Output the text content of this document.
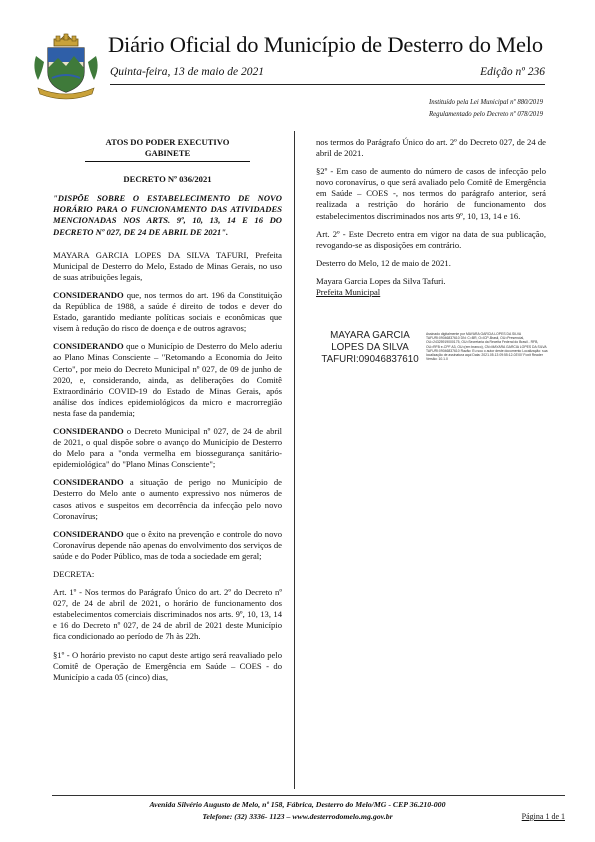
Diário Oficial do Município de Desterro do Melo
Quinta-feira, 13 de maio de 2021	Edição nº 236
Instituído pela Lei Municipal nº 880/2019
Regulamentado pelo Decreto nº 078/2019
ATOS DO PODER EXECUTIVO
GABINETE
DECRETO Nº 036/2021

"DISPÕE SOBRE O ESTABELECIMENTO DE NOVO HORÁRIO PARA O FUNCIONAMENTO DAS ATIVIDADES MENCIONADAS NOS ARTS. 9º, 10, 13, 14 E 16 DO DECRETO Nº 027, DE 24 DE ABRIL DE 2021".

MAYARA GARCIA LOPES DA SILVA TAFURI, Prefeita Municipal de Desterro do Melo, Estado de Minas Gerais, no uso de suas atribuições legais,

CONSIDERANDO que, nos termos do art. 196 da Constituição da República de 1988, a saúde é direito de todos e dever do Estado, garantido mediante políticas sociais e econômicas que visem à redução do risco de doença e de outros agravos;

CONSIDERANDO que o Município de Desterro do Melo aderiu ao Plano Minas Consciente – "Retomando a Economia do Jeito Certo", por meio do Decreto Municipal nº 027, de 09 de junho de 2020, e, considerando, ainda, as deliberações do Comitê Extraordinário COVID-19 do Estado de Minas Gerais, após análise dos índices epidemiológicos da micro e macrorregião nesta fase da pandemia;

CONSIDERANDO o Decreto Municipal nº 027, de 24 de abril de 2021, o qual dispõe sobre o avanço do Município de Desterro do Melo para a "onda vermelha em biossegurança sanitário-epidemiológica" do "Plano Minas Consciente";

CONSIDERANDO a situação de perigo no Município de Desterro do Melo ante o aumento expressivo nos números de casos ativos e suspeitos em decorrência da infecção pelo novo Coronavírus;

CONSIDERANDO que o êxito na prevenção e controle do novo Coronavírus depende não apenas do envolvimento dos serviços de saúde e do Poder Público, mas de toda a sociedade em geral;

DECRETA:

Art. 1º - Nos termos do Parágrafo Único do art. 2º do Decreto nº 027, de 24 de abril de 2021, o horário de funcionamento dos estabelecimentos comerciais discriminados nos arts. 9º, 10, 13, 14 e 16 do Decreto nº 027, de 24 de abril de 2021 deste Município fica condicionado ao período de 7h às 22h.

§1º - O horário previsto no caput deste artigo será reavaliado pelo Comitê de Operação de Emergência em Saúde – COES - do Município a cada 05 (cinco) dias,

nos termos do Parágrafo Único do art. 2º do Decreto 027, de 24 de abril de 2021.

§2º - Em caso de aumento do número de casos de infecção pelo novo coronavírus, o que será avaliado pelo Comitê de Emergência em Saúde – COES -, nos termos do parágrafo anterior, será realizada a restrição do horário de funcionamento dos estabelecimentos discriminados nos arts 9º, 10, 13, 14 e 16.

Art. 2º - Este Decreto entra em vigor na data de sua publicação, revogando-se as disposições em contrário.

Desterro do Melo, 12 de maio de 2021.

Mayara Garcia Lopes da Silva Tafuri.
Prefeita Municipal
MAYARA GARCIA
LOPES DA SILVA
TAFURI:09046837610
Assinado digitalmente por MAYARA GARCIA LOPES DA SILVA TAFURI:09046837610 DN: C=BR, O=ICP-Brasil, OU=Presencial, OU=24325919000175, OU=Secretaria da Receita Federal do Brasil - RFB, OU=RFB e-CPF A3, OU=(em branco), CN=MAYARA GARCIA LOPES DA SILVA TAFURI:09046837610 Razão: Eu sou o autor deste documento Localização: sua localização de assinatura aqui Data: 2021.05.13 09:55:12-03'00' Foxit Reader Versão: 10.1.0
Avenida Silvério Augusto de Melo, nº 158, Fábrica, Desterro do Melo/MG - CEP 36.210-000
Telefone: (32) 3336- 1123 – www.desterrodomelo.mg.gov.br	Página 1 de 1
